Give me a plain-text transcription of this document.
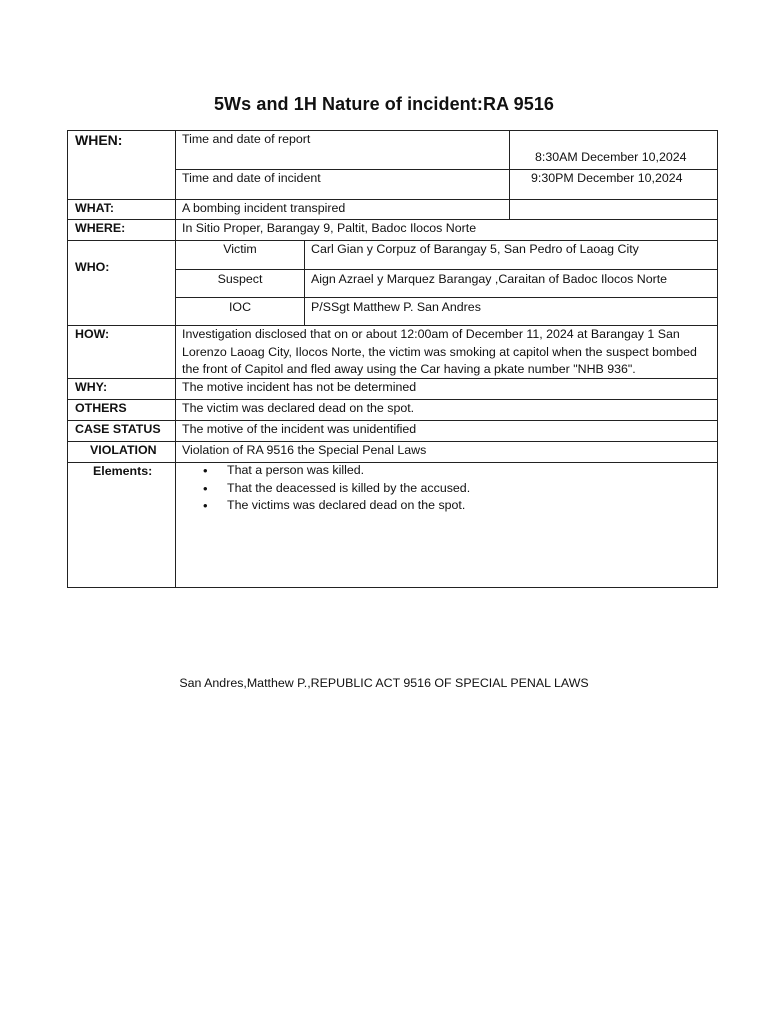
5Ws and 1H Nature of incident:RA 9516
WHEN:	Time and date of report
8:30AM December 10,2024
Time and date of incident	9:30PM December 10,2024
WHAT:	A bombing incident transpired
WHERE:	In Sitio Proper, Barangay 9, Paltit, Badoc Ilocos Norte
WHO:
Victim	Carl Gian y Corpuz of Barangay 5, San Pedro of Laoag City
Suspect	Aign Azrael y Marquez Barangay ,Caraitan of Badoc Ilocos Norte
IOC	P/SSgt Matthew P. San Andres
HOW:	Investigation disclosed that on or about 12:00am of December 11, 2024 at Barangay 1 San
Lorenzo Laoag City, Ilocos Norte, the victim was smoking at capitol when the suspect bombed
the front of Capitol and fled away using the Car having a pkate number "NHB 936".
WHY:	The motive incident has not be determined
OTHERS	The victim was declared dead on the spot.
CASE STATUS The motive of the incident was unidentified
VIOLATION Violation of RA 9516 the Special Penal Laws
Elements:
•	That a person was killed.
• That the deacessed is killed by the accused.
• The victims was declared dead on the spot.
San Andres,Matthew P.,REPUBLIC ACT 9516 OF SPECIAL PENAL LAWS
